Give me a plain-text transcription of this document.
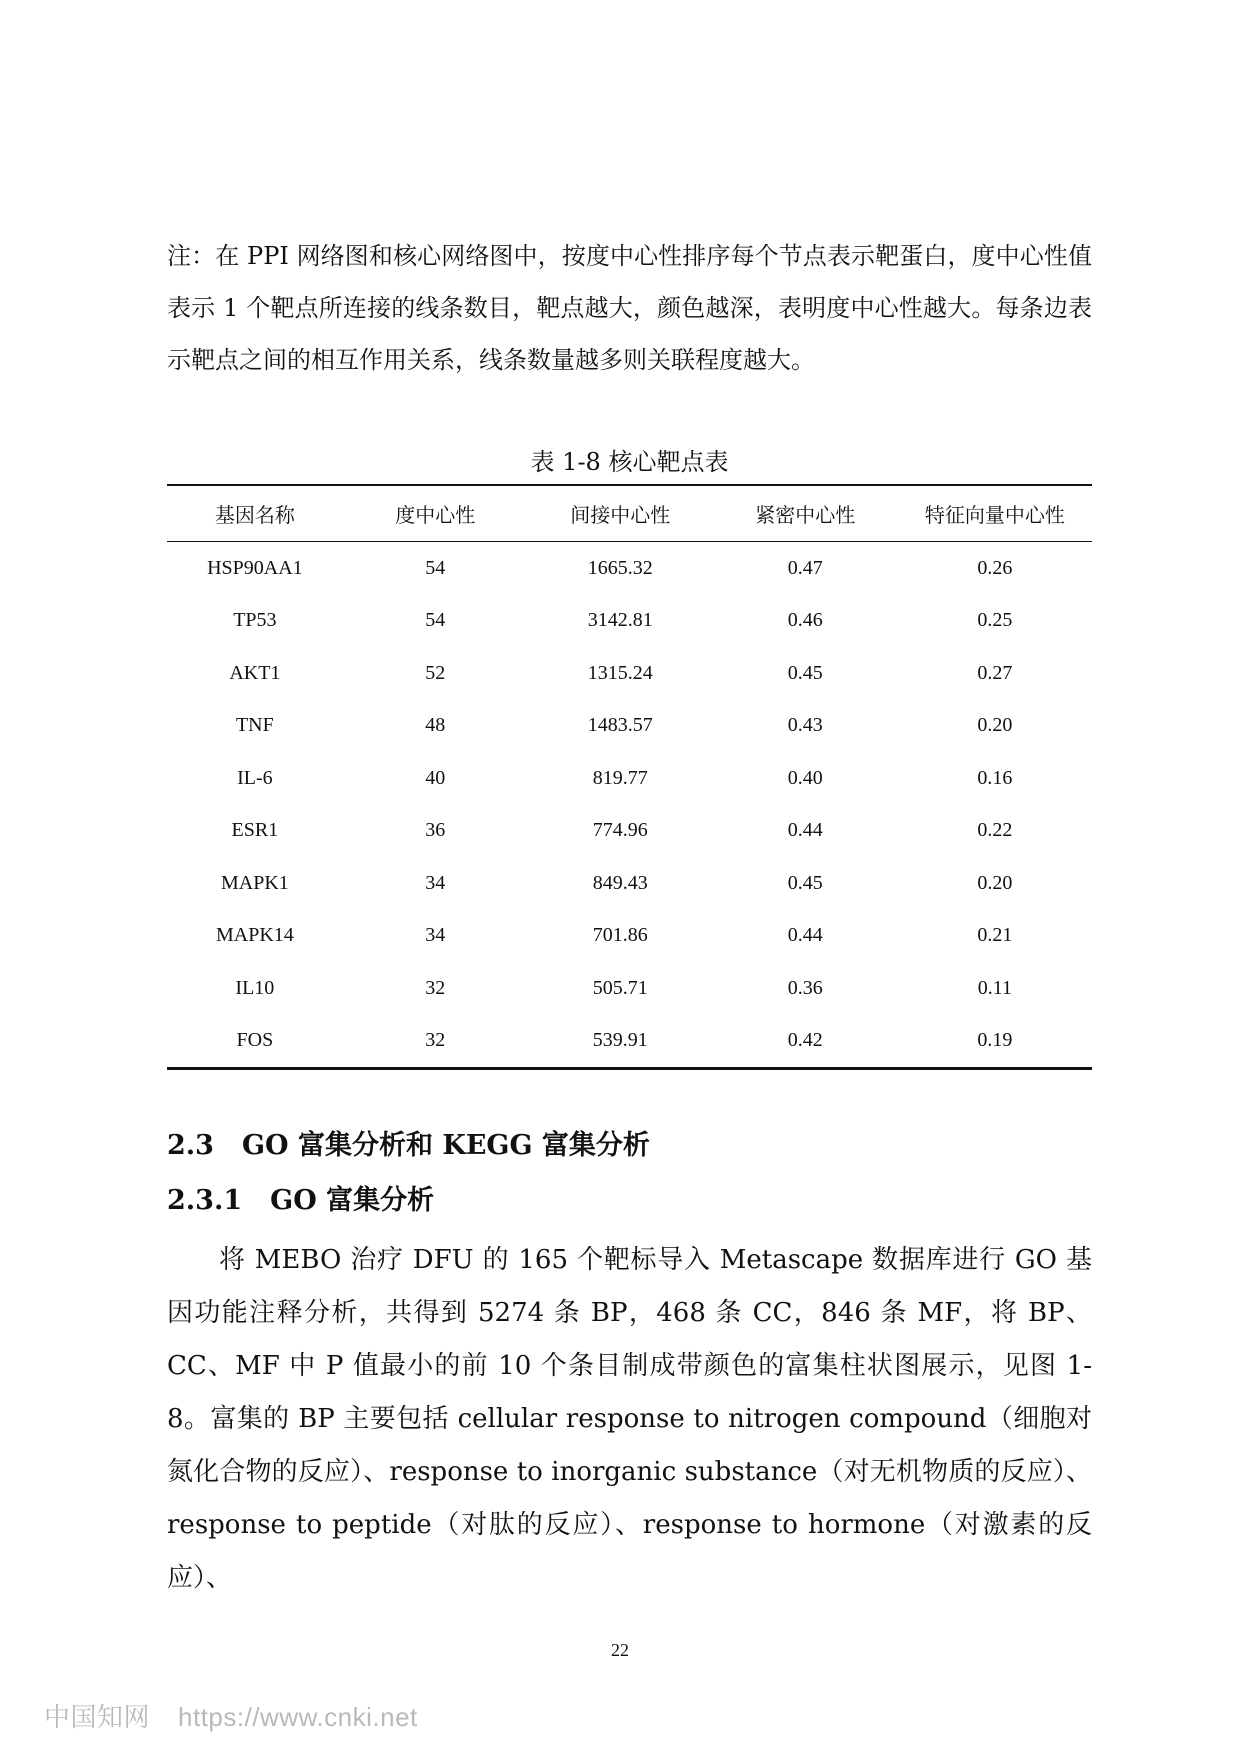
注：在 PPI 网络图和核心网络图中，按度中心性排序每个节点表示靶蛋白，度中心性值表示 1 个靶点所连接的线条数目，靶点越大，颜色越深，表明度中心性越大。每条边表示靶点之间的相互作用关系，线条数量越多则关联程度越大。
表 1-8 核心靶点表
基因名称	度中心性	间接中心性	紧密中心性	特征向量中心性
HSP90AA1	54	1665.32	0.47	0.26
TP53	54	3142.81	0.46	0.25
AKT1	52	1315.24	0.45	0.27
TNF	48	1483.57	0.43	0.20
IL-6	40	819.77	0.40	0.16
ESR1	36	774.96	0.44	0.22
MAPK1	34	849.43	0.45	0.20
MAPK14	34	701.86	0.44	0.21
IL10	32	505.71	0.36	0.11
FOS	32	539.91	0.42	0.19
2.3 GO 富集分析和 KEGG 富集分析
2.3.1 GO 富集分析
将 MEBO 治疗 DFU 的 165 个靶标导入 Metascape 数据库进行 GO 基因功能注释分析，共得到 5274 条 BP，468 条 CC，846 条 MF，将 BP、CC、MF 中 P 值最小的前 10 个条目制成带颜色的富集柱状图展示，见图 1-8。富集的 BP 主要包括 cellular response to nitrogen compound（细胞对氮化合物的反应）、response to inorganic substance（对无机物质的反应）、response to peptide（对肽的反应）、response to hormone（对激素的反应）、
22
中国知网 https://www.cnki.net
